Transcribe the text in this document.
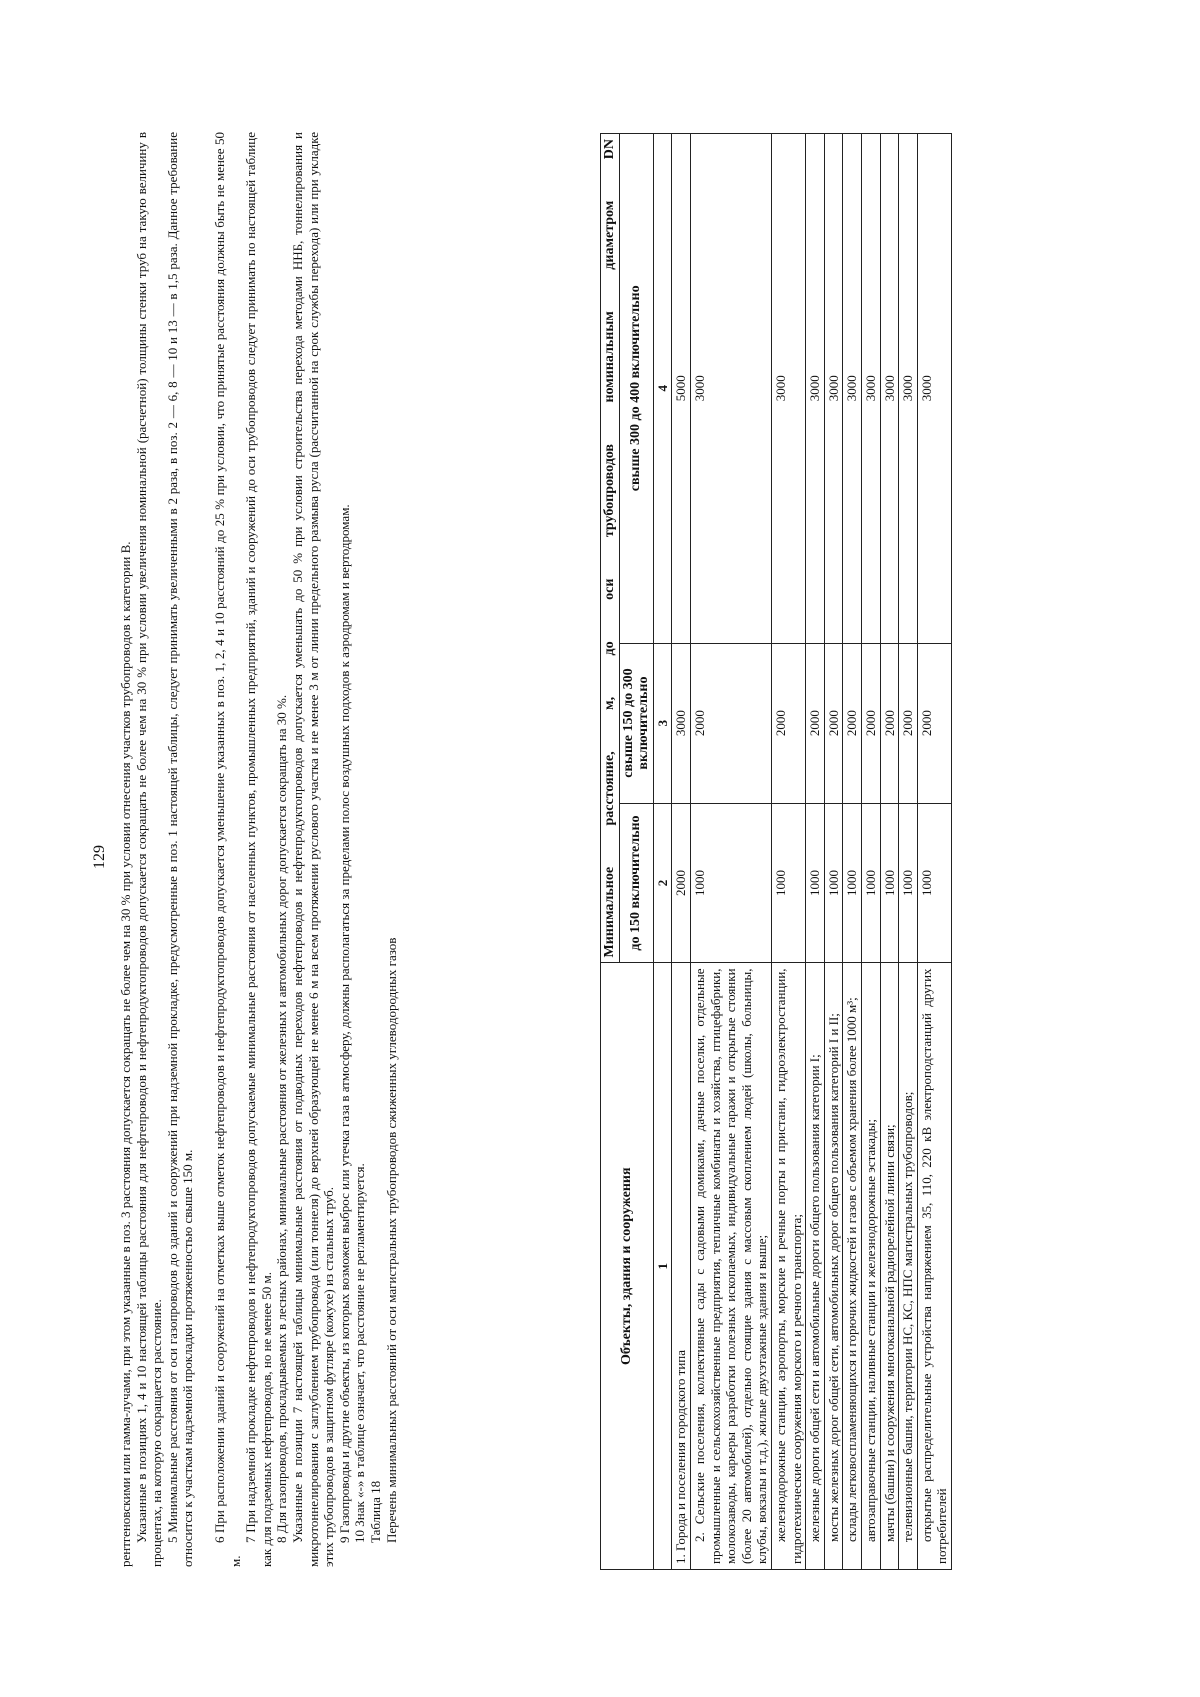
129 рентгеновскими или гамма-лучами, при этом указанные в поз. 3 расстояния допускается сокращать не более чем на 30 % при условии отнесения участков трубопроводов к категории В. Указанные в позициях 1, 4 и 10 настоящей таблицы расстояния для нефтепроводов и нефтепродуктопроводов допускается сокращать не более чем на 30 % при условии увеличения номинальной (расчетной) толщины стенки труб на такую величину в процентах, на которую сокращается расстояние. 5 Минимальные расстояния от оси газопроводов до зданий и сооружений при надземной прокладке, предусмотренные в поз. 1 настоящей таблицы, следует принимать увеличенными в 2 раза, в поз. 2 — 6, 8 — 10 и 13 — в 1,5 раза. Данное требование относится к участкам надземной прокладки протяженностью свыше 150 м. 6 При расположении зданий и сооружений на отметках выше отметок нефтепроводов и нефтепродуктопроводов допускается уменьшение указанных в поз. 1, 2, 4 и 10 расстояний до 25 % при условии, что принятые расстояния должны быть не менее 50 м.

7 При надземной прокладке нефтепроводов и нефтепродуктопроводов допускаемые минимальные расстояния от населенных пунктов, промышленных предприятий, зданий и сооружений до оси трубопроводов следует принимать по настоящей таблице как для подземных нефтепроводов, но не менее 50 м. 8 Для газопроводов, прокладываемых в лесных районах, минимальные расстояния от железных и автомобильных дорог допускается сокращать на 30 %. Указанные в позиции 7 настоящей таблицы минимальные расстояния от подводных переходов нефтепроводов и нефтепродуктопроводов допускается уменьшать до 50 % при условии строительства перехода методами ННБ, тоннелирования и микротоннелирования с заглублением трубопровода (или тоннеля) до верхней образующей не менее 6 м на всем протяжении руслового участка и не менее 3 м от линии предельного размыва русла (рассчитанной на срок службы перехода) или при укладке этих трубопроводов в защитном футляре (кожухе) из стальных труб. 9 Газопроводы и другие объекты, из которых возможен выброс или утечка газа в атмосферу, должны располагаться за пределами полос воздушных подходов к аэродромам и вертодромам. 10 Знак «-» в таблице означает, что расстояние не регламентируется. Таблица 18 Перечень минимальных расстояний от оси магистральных трубопроводов сжиженных углеводородных газов	Объекты, здания и сооружения	Минимальное расстояние, м, до оси трубопроводов номинальным диаметром DN		
	до 150 включительно	свыше 150 до 300 включительно	свыше 300 до 400 включительно
1	2	3	4
1. Города и поселения городского типа	2000	3000	5000
2. Сельские поселения, коллективные сады с садовыми домиками, дачные поселки, отдельные промышленные и сельскохозяйственные предприятия, тепличные комбинаты и хозяйства, птицефабрики, молокозаводы, карьеры разработки полезных ископаемых, индивидуальные гаражи и открытые стоянки (более 20 автомобилей), отдельно стоящие здания с массовым скоплением людей (школы, больницы, клубы, вокзалы и т.д.), жилые двухэтажные здания и выше;	1000	2000	3000
железнодорожные станции, аэропорты, морские и речные порты и пристани, гидроэлектростанции, гидротехнические сооружения морского и речного транспорта;	1000	2000	3000
железные дороги общей сети и автомобильные дороги общего пользования категории I;	1000	2000	3000
мосты железных дорог общей сети, автомобильных дорог общего пользования категорий I и II;	1000	2000	3000
склады легковоспламеняющихся и горючих жидкостей и газов с объемом хранения более 1000 м³;	1000	2000	3000
автозаправочные станции, наливные станции и железнодорожные эстакады;	1000	2000	3000
мачты (башни) и сооружения многоканальной радиорелейной линии связи;	1000	2000	3000
телевизионные башни, территории НС, КС, НПС магистральных трубопроводов;	1000	2000	3000
открытые распределительные устройства напряжением 35, 110, 220 кВ электроподстанций других потребителей	1000	2000	3000
